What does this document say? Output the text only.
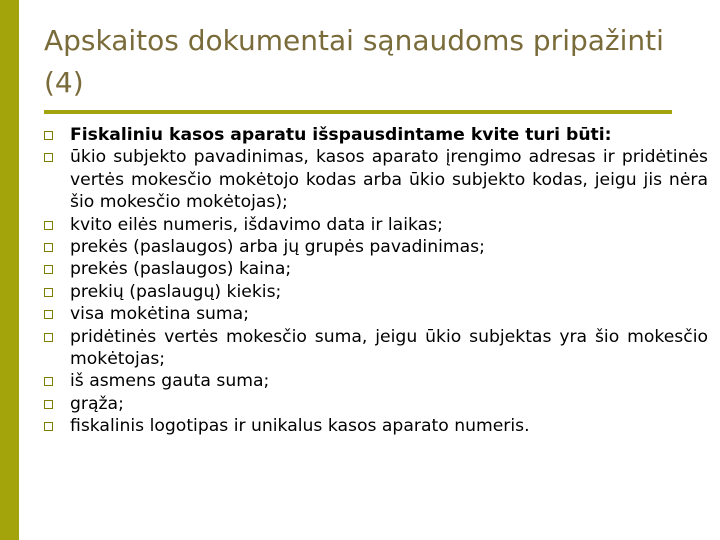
Apskaitos dokumentai sąnaudoms pripažinti (4)
Fiskaliniu kasos aparatu išspausdintame kvite turi būti:
ūkio subjekto pavadinimas, kasos aparato įrengimo adresas ir pridėtinės vertės mokesčio mokėtojo kodas arba ūkio subjekto kodas, jeigu jis nėra šio mokesčio mokėtojas);
kvito eilės numeris, išdavimo data ir laikas;
prekės (paslaugos) arba jų grupės pavadinimas;
prekės (paslaugos) kaina;
prekių (paslaugų) kiekis;
visa mokėtina suma;
pridėtinės vertės mokesčio suma, jeigu ūkio subjektas yra šio mokesčio mokėtojas;
iš asmens gauta suma;
grąža;
fiskalinis logotipas ir unikalus kasos aparato numeris.
